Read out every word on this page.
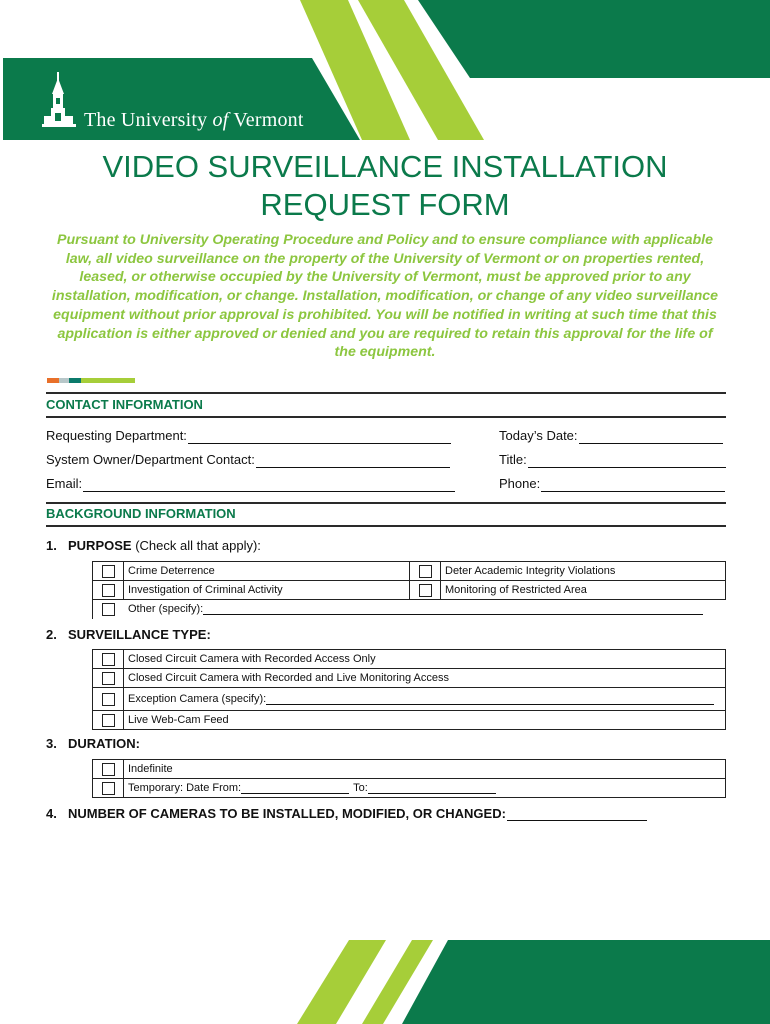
The University of Vermont
VIDEO SURVEILLANCE INSTALLATION
REQUEST FORM
Pursuant to University Operating Procedure and Policy and to ensure compliance with applicable law, all video surveillance on the property of the University of Vermont or on properties rented, leased, or otherwise occupied by the University of Vermont, must be approved prior to any installation, modification, or change. Installation, modification, or change of any video surveillance equipment without prior approval is prohibited. You will be notified in writing at such time that this application is either approved or denied and you are required to retain this approval for the life of the equipment.
CONTACT INFORMATION
Requesting Department:	Today’s Date:
System Owner/Department Contact:	Title:
Email:	Phone:
BACKGROUND INFORMATION
1. PURPOSE (Check all that apply):
	Crime Deterrence		Deter Academic Integrity Violations
	Investigation of Criminal Activity		Monitoring of Restricted Area
	Other (specify):		
2. SURVEILLANCE TYPE:
	Closed Circuit Camera with Recorded Access Only
	Closed Circuit Camera with Recorded and Live Monitoring Access
	Exception Camera (specify):
	Live Web-Cam Feed
3. DURATION:
	Indefinite
	Temporary: Date From: To:
4. NUMBER OF CAMERAS TO BE INSTALLED, MODIFIED, OR CHANGED:
